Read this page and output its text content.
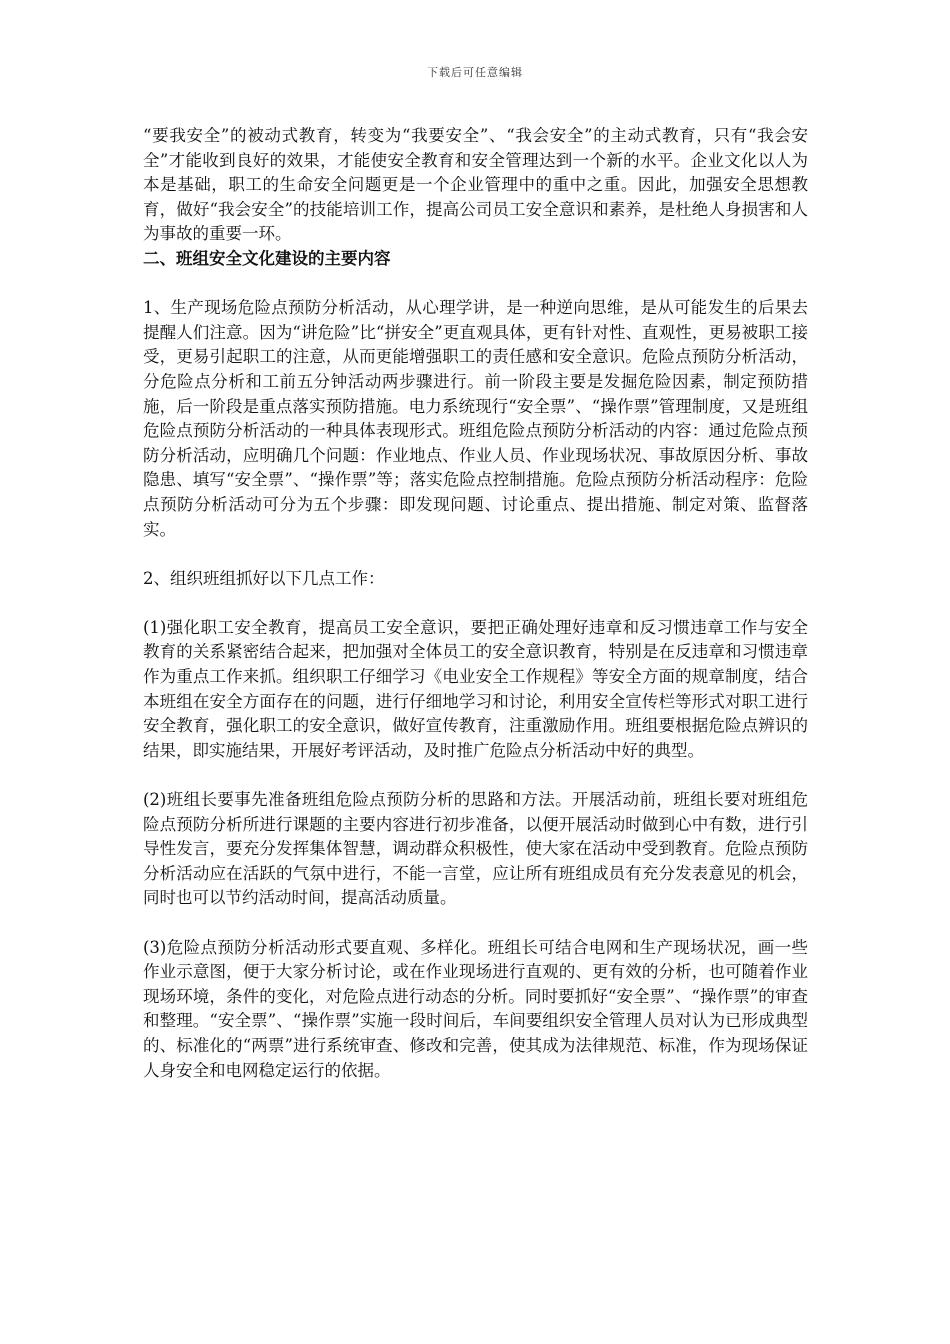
下载后可任意编辑

“要我安全”的被动式教育，转变为“我要安全”、“我会安全”的主动式教育，只有“我会安全”才能收到良好的效果，才能使安全教育和安全管理达到一个新的水平。企业文化以人为本是基础，职工的生命安全问题更是一个企业管理中的重中之重。因此，加强安全思想教育，做好“我会安全”的技能培训工作，提高公司员工安全意识和素养，是杜绝人身损害和人为事故的重要一环。

二、班组安全文化建设的主要内容

1、生产现场危险点预防分析活动，从心理学讲，是一种逆向思维，是从可能发生的后果去提醒人们注意。因为“讲危险”比“拼安全”更直观具体，更有针对性、直观性，更易被职工接受，更易引起职工的注意，从而更能增强职工的责任感和安全意识。危险点预防分析活动，分危险点分析和工前五分钟活动两步骤进行。前一阶段主要是发掘危险因素，制定预防措施，后一阶段是重点落实预防措施。电力系统现行“安全票”、“操作票”管理制度，又是班组危险点预防分析活动的一种具体表现形式。班组危险点预防分析活动的内容：通过危险点预防分析活动，应明确几个问题：作业地点、作业人员、作业现场状况、事故原因分析、事故隐患、填写“安全票”、“操作票”等；落实危险点控制措施。危险点预防分析活动程序：危险点预防分析活动可分为五个步骤：即发现问题、讨论重点、提出措施、制定对策、监督落实。

2、组织班组抓好以下几点工作：

(1)强化职工安全教育，提高员工安全意识，要把正确处理好违章和反习惯违章工作与安全教育的关系紧密结合起来，把加强对全体员工的安全意识教育，特别是在反违章和习惯违章作为重点工作来抓。组织职工仔细学习《电业安全工作规程》等安全方面的规章制度，结合本班组在安全方面存在的问题，进行仔细地学习和讨论，利用安全宣传栏等形式对职工进行安全教育，强化职工的安全意识，做好宣传教育，注重激励作用。班组要根据危险点辨识的结果，即实施结果，开展好考评活动，及时推广危险点分析活动中好的典型。

(2)班组长要事先准备班组危险点预防分析的思路和方法。开展活动前，班组长要对班组危险点预防分析所进行课题的主要内容进行初步准备，以便开展活动时做到心中有数，进行引导性发言，要充分发挥集体智慧，调动群众积极性，使大家在活动中受到教育。危险点预防分析活动应在活跃的气氛中进行，不能一言堂，应让所有班组成员有充分发表意见的机会，同时也可以节约活动时间，提高活动质量。

(3)危险点预防分析活动形式要直观、多样化。班组长可结合电网和生产现场状况，画一些作业示意图，便于大家分析讨论，或在作业现场进行直观的、更有效的分析，也可随着作业现场环境，条件的变化，对危险点进行动态的分析。同时要抓好“安全票”、“操作票”的审查和整理。“安全票”、“操作票”实施一段时间后，车间要组织安全管理人员对认为已形成典型的、标准化的“两票”进行系统审查、修改和完善，使其成为法律规范、标准，作为现场保证人身安全和电网稳定运行的依据。
